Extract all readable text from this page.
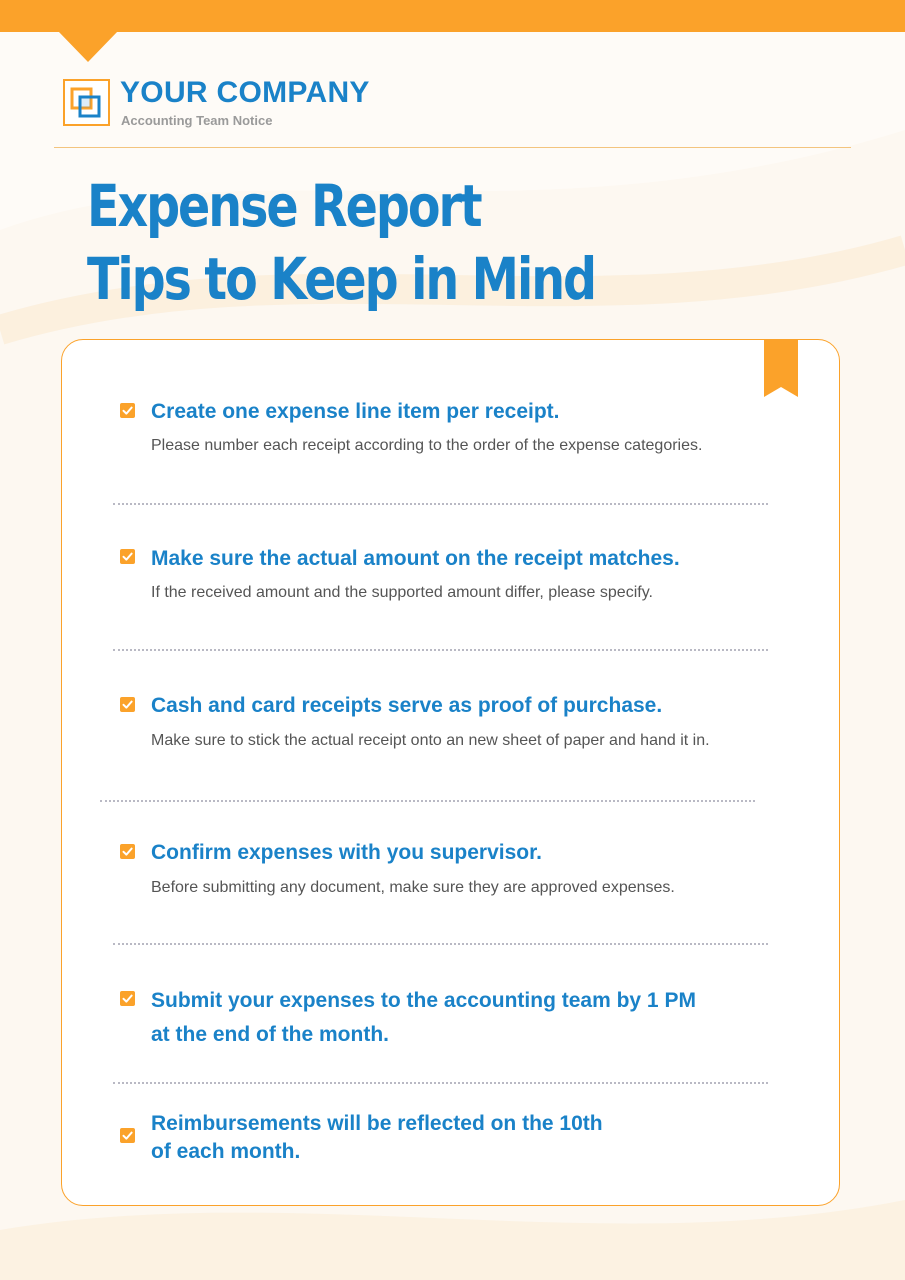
YOUR COMPANY
Accounting Team Notice
Expense Report
Tips to Keep in Mind
Create one expense line item per receipt.
Please number each receipt according to the order of the expense categories.
Make sure the actual amount on the receipt matches.
If the received amount and the supported amount differ, please specify.
Cash and card receipts serve as proof of purchase.
Make sure to stick the actual receipt onto an new sheet of paper and hand it in.
Confirm expenses with you supervisor.
Before submitting any document, make sure they are approved expenses.
Submit your expenses to the accounting team by 1 PM
at the end of the month.
Reimbursements will be reflected on the 10th
of each month.
